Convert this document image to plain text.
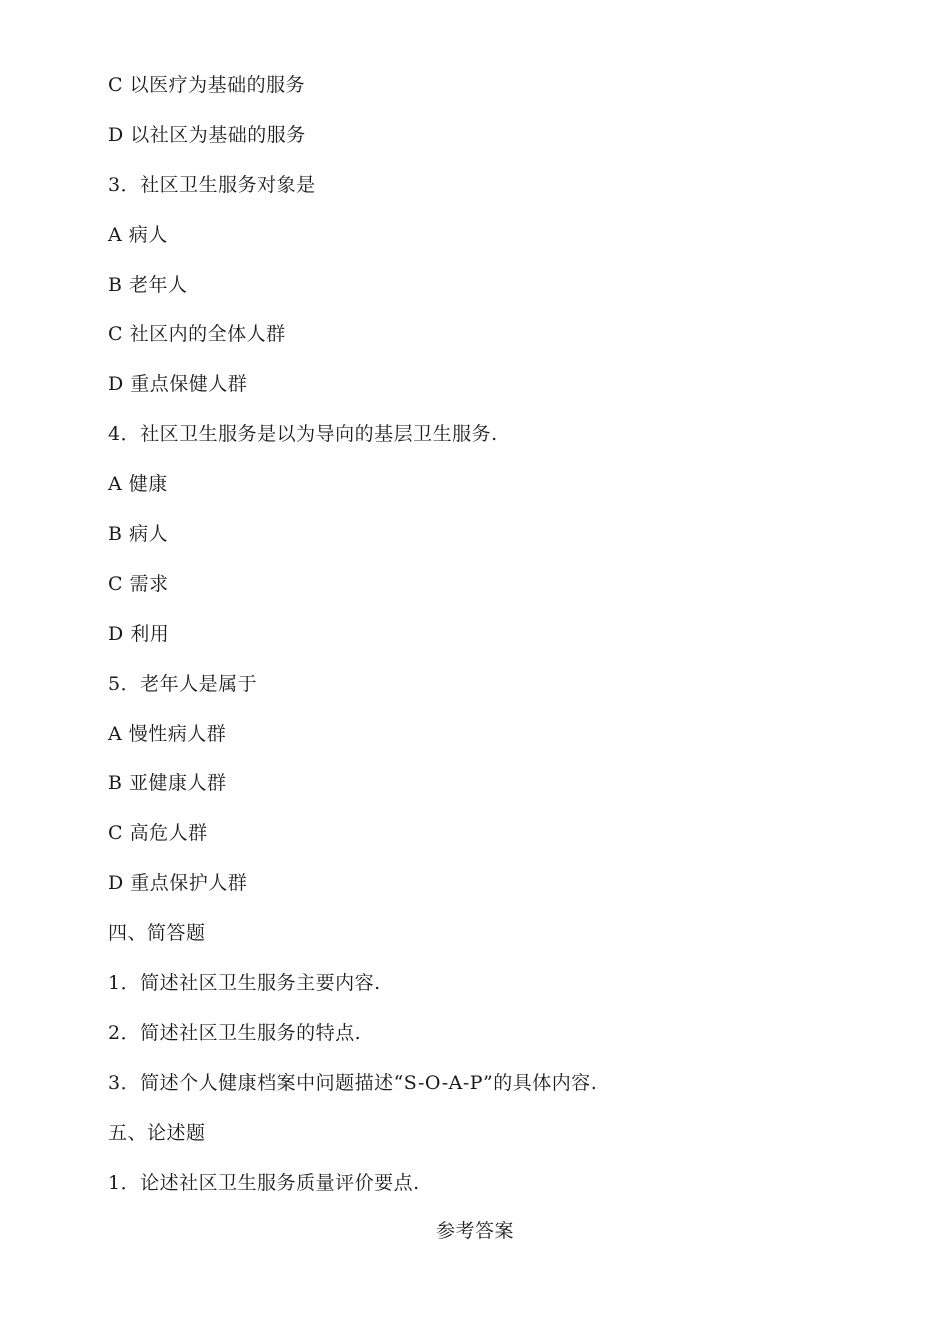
C 以医疗为基础的服务
D 以社区为基础的服务
3．社区卫生服务对象是
A 病人
B 老年人
C 社区内的全体人群
D 重点保健人群
4．社区卫生服务是以为导向的基层卫生服务.
A 健康
B 病人
C 需求
D 利用
5．老年人是属于
A 慢性病人群
B 亚健康人群
C 高危人群
D 重点保护人群
四、简答题
1．简述社区卫生服务主要内容.
2．简述社区卫生服务的特点.
3．简述个人健康档案中问题描述“S-O-A-P”的具体内容.
五、论述题
1．论述社区卫生服务质量评价要点.
参考答案
